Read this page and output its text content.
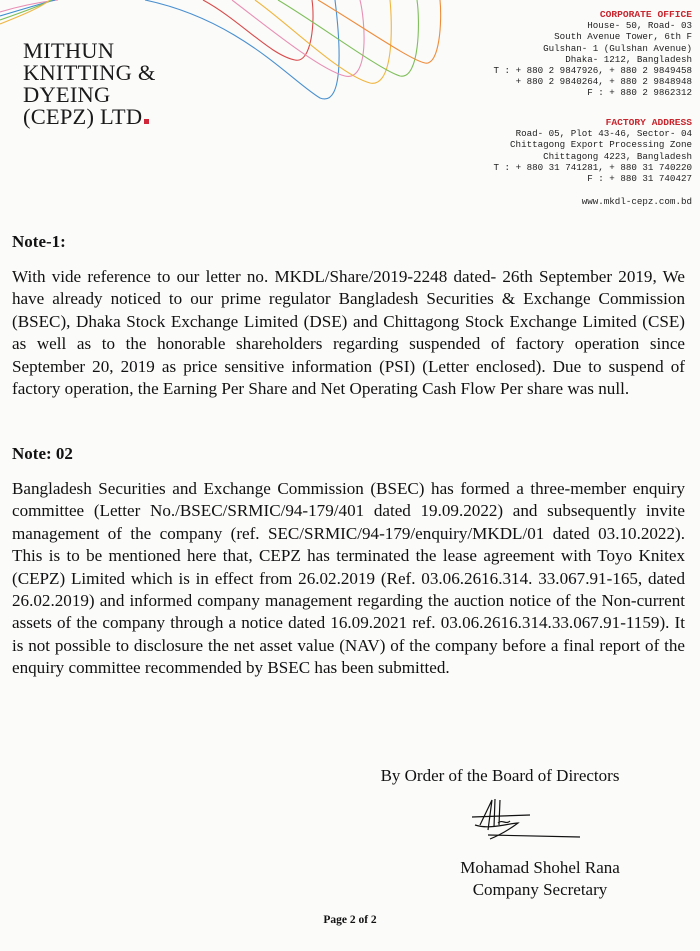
MITHUN
KNITTING &
DYEING
(CEPZ) LTD
CORPORATE OFFICE
House- 50, Road- 03
South Avenue Tower, 6th F
Gulshan- 1 (Gulshan Avenue)
Dhaka- 1212, Bangladesh
T : + 880 2 9847926, + 880 2 9849458
+ 880 2 9840264, + 880 2 9848948
F : + 880 2 9862312
FACTORY ADDRESS
Road- 05, Plot 43-46, Sector- 04
Chittagong Export Processing Zone
Chittagong 4223, Bangladesh
T : + 880 31 741281, + 880 31 740220
F : + 880 31 740427
www.mkdl-cepz.com.bd
Note-1:
With vide reference to our letter no. MKDL/Share/2019-2248 dated- 26th September 2019, We have already noticed to our prime regulator Bangladesh Securities & Exchange Commission (BSEC), Dhaka Stock Exchange Limited (DSE) and Chittagong Stock Exchange Limited (CSE) as well as to the honorable shareholders regarding suspended of factory operation since September 20, 2019 as price sensitive information (PSI) (Letter enclosed). Due to suspend of factory operation, the Earning Per Share and Net Operating Cash Flow Per share was null.
Note: 02
Bangladesh Securities and Exchange Commission (BSEC) has formed a three-member enquiry committee (Letter No./BSEC/SRMIC/94-179/401 dated 19.09.2022) and subsequently invite management of the company (ref. SEC/SRMIC/94-179/enquiry/MKDL/01 dated 03.10.2022). This is to be mentioned here that, CEPZ has terminated the lease agreement with Toyo Knitex (CEPZ) Limited which is in effect from 26.02.2019 (Ref. 03.06.2616.314. 33.067.91-165, dated 26.02.2019) and informed company management regarding the auction notice of the Non-current assets of the company through a notice dated 16.09.2021 ref. 03.06.2616.314.33.067.91-1159). It is not possible to disclosure the net asset value (NAV) of the company before a final report of the enquiry committee recommended by BSEC has been submitted.
By Order of the Board of Directors
Mohamad Shohel Rana
Company Secretary
Page 2 of 2
